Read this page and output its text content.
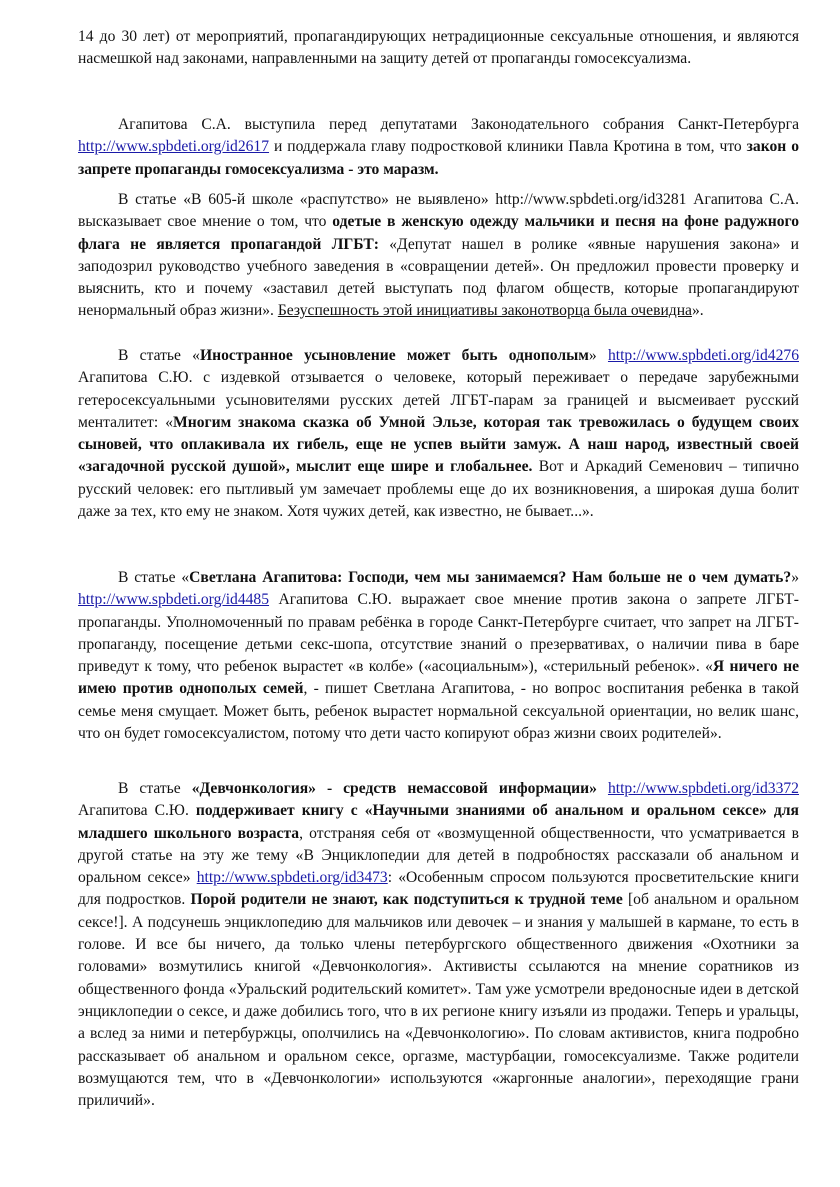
14 до 30 лет) от мероприятий, пропагандирующих нетрадиционные сексуальные отношения, и являются насмешкой над законами, направленными на защиту детей от пропаганды гомосексуализма.

Агапитова С.А. выступила перед депутатами Законодательного собрания Санкт-Петербурга http://www.spbdeti.org/id2617 и поддержала главу подростковой клиники Павла Кротина в том, что закон о запрете пропаганды гомосексуализма - это маразм.

В статье «В 605-й школе «распутство» не выявлено» http://www.spbdeti.org/id3281 Агапитова С.А. высказывает свое мнение о том, что одетые в женскую одежду мальчики и песня на фоне радужного флага не является пропагандой ЛГБТ: «Депутат нашел в ролике «явные нарушения закона» и заподозрил руководство учебного заведения в «совращении детей». Он предложил провести проверку и выяснить, кто и почему «заставил детей выступать под флагом обществ, которые пропагандируют ненормальный образ жизни». Безуспешность этой инициативы законотворца была очевидна».

В статье «Иностранное усыновление может быть однополым» http://www.spbdeti.org/id4276 Агапитова С.Ю. с издевкой отзывается о человеке, который переживает о передаче зарубежными гетеросексуальными усыновителями русских детей ЛГБТ-парам за границей и высмеивает русский менталитет: «Многим знакома сказка об Умной Эльзе, которая так тревожилась о будущем своих сыновей, что оплакивала их гибель, еще не успев выйти замуж. А наш народ, известный своей «загадочной русской душой», мыслит еще шире и глобальнее. Вот и Аркадий Семенович – типично русский человек: его пытливый ум замечает проблемы еще до их возникновения, а широкая душа болит даже за тех, кто ему не знаком. Хотя чужих детей, как известно, не бывает...».

В статье «Светлана Агапитова: Господи, чем мы занимаемся? Нам больше не о чем думать?» http://www.spbdeti.org/id4485 Агапитова С.Ю. выражает свое мнение против закона о запрете ЛГБТ-пропаганды. Уполномоченный по правам ребёнка в городе Санкт-Петербурге считает, что запрет на ЛГБТ-пропаганду, посещение детьми секс-шопа, отсутствие знаний о презервативах, о наличии пива в баре приведут к тому, что ребенок вырастет «в колбе» («асоциальным»), «стерильный ребенок». «Я ничего не имею против однополых семей, - пишет Светлана Агапитова, - но вопрос воспитания ребенка в такой семье меня смущает. Может быть, ребенок вырастет нормальной сексуальной ориентации, но велик шанс, что он будет гомосексуалистом, потому что дети часто копируют образ жизни своих родителей».

В статье «Девчонкология» - средств немассовой информации» http://www.spbdeti.org/id3372 Агапитова С.Ю. поддерживает книгу с «Научными знаниями об анальном и оральном сексе» для младшего школьного возраста, отстраняя себя от «возмущенной общественности, что усматривается в другой статье на эту же тему «В Энциклопедии для детей в подробностях рассказали об анальном и оральном сексе» http://www.spbdeti.org/id3473: «Особенным спросом пользуются просветительские книги для подростков. Порой родители не знают, как подступиться к трудной теме [об анальном и оральном сексе!]. А подсунешь энциклопедию для мальчиков или девочек – и знания у малышей в кармане, то есть в голове. И все бы ничего, да только члены петербургского общественного движения «Охотники за головами» возмутились книгой «Девчонкология». Активисты ссылаются на мнение соратников из общественного фонда «Уральский родительский комитет». Там уже усмотрели вредоносные идеи в детской энциклопедии о сексе, и даже добились того, что в их регионе книгу изъяли из продажи. Теперь и уральцы, а вслед за ними и петербуржцы, ополчились на «Девчонкологию». По словам активистов, книга подробно рассказывает об анальном и оральном сексе, оргазме, мастурбации, гомосексуализме. Также родители возмущаются тем, что в «Девчонкологии» используются «жаргонные аналогии», переходящие грани приличий».
